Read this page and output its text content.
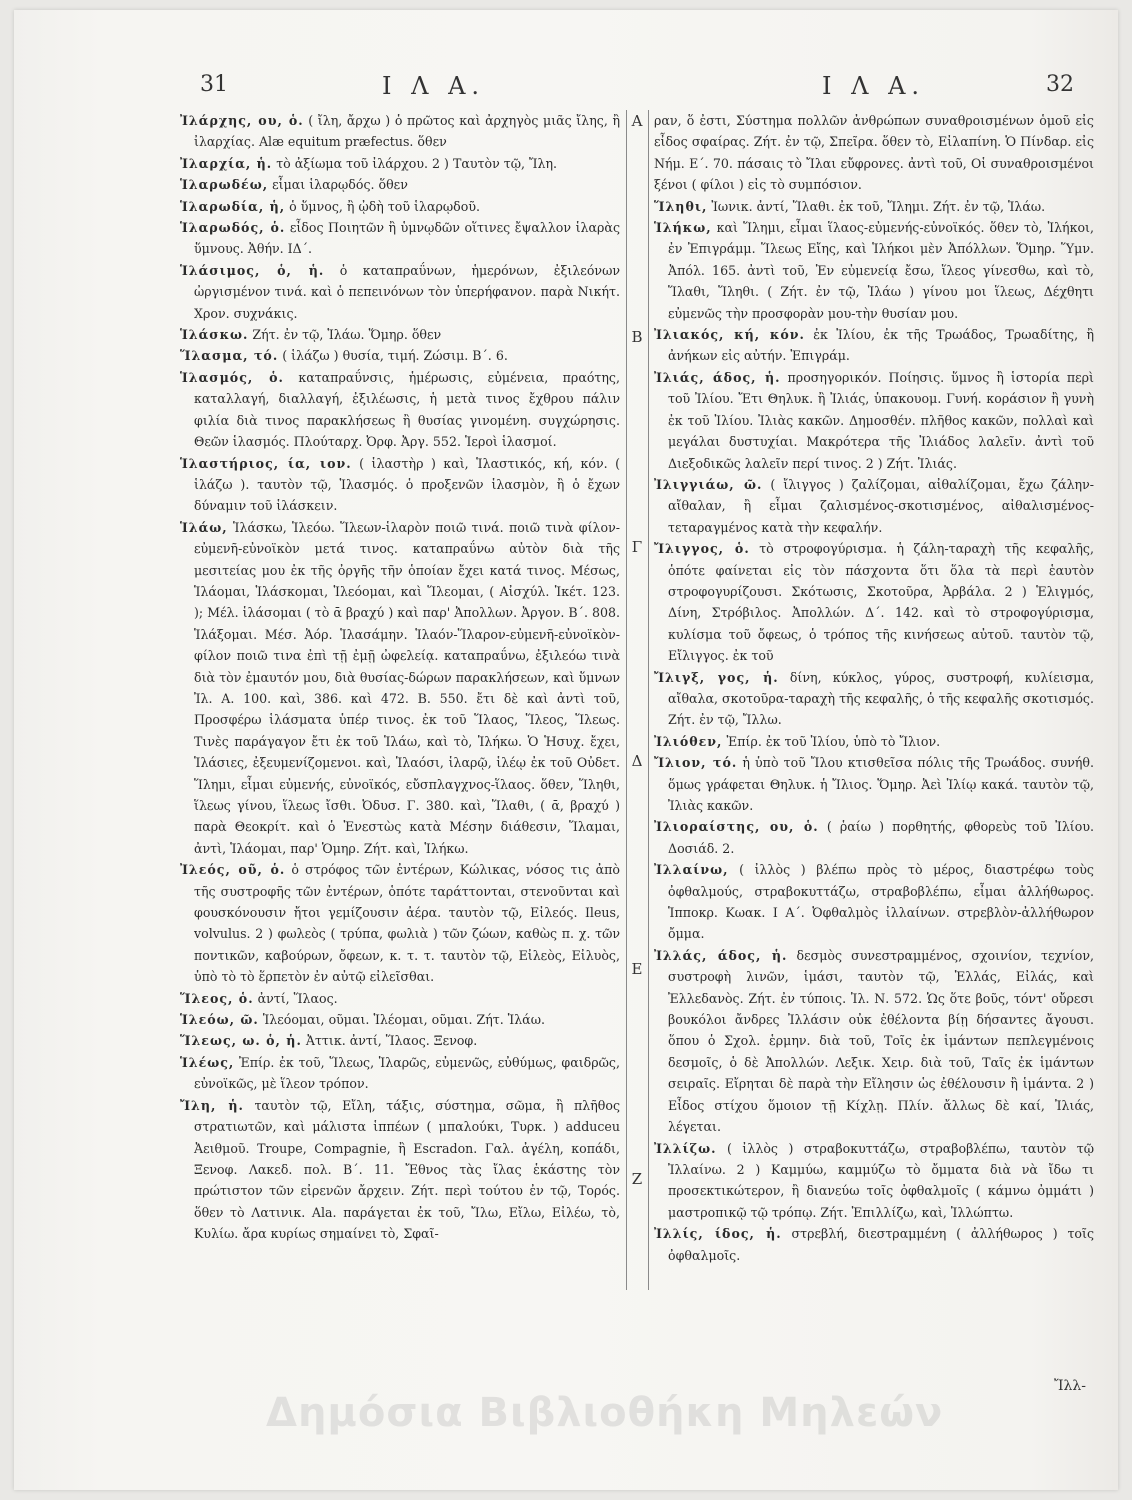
31	Ι Λ Α.	Ι Λ Α.	32
Α
Β
Γ
Δ
Ε
Ζ

Ἰλάρχης, ου, ὁ. ( ἴλη, ἄρχω ) ὁ πρῶτος καὶ ἀρχηγὸς μιᾶς ἴλης, ἢ ἰλαρχίας. Alæ equitum præfectus. ὅθεν

Ἰλαρχία, ἡ. τὸ ἀξίωμα τοῦ ἰλάρχου. 2 ) Ταυτὸν τῷ, Ἴλη.

Ἱλαρωδέω, εἶμαι ἱλαρῳδός. ὅθεν

Ἱλαρωδία, ἡ, ὁ ὕμνος, ἢ ᾠδὴ τοῦ ἱλαρῳδοῦ.

Ἱλαρωδός, ὁ. εἶδος Ποιητῶν ἢ ὑμνῳδῶν οἵτινες ἔψαλλον ἱλαρὰς ὕμνους. Ἀθήν. ΙΔ΄.

Ἱλάσιμος, ὁ, ἡ. ὁ καταπραΰνων, ἡμερόνων, ἐξιλεόνων ὠργισμένον τινά. καὶ ὁ πεπεινόνων τὸν ὑπερήφανον. παρὰ Νικήτ. Χρον. συχνάκις.

Ἱλάσκω. Ζήτ. ἐν τῷ, Ἱλάω. Ὅμηρ. ὅθεν

Ἵλασμα, τό. ( ἱλάζω ) θυσία, τιμή. Ζώσιμ. Β΄. 6.

Ἱλασμός, ὁ. καταπραΰνσις, ἡμέρωσις, εὐμένεια, πραότης, καταλλαγή, διαλλαγή, ἐξιλέωσις, ἡ μετὰ τινος ἔχθρου πάλιν φιλία διὰ τινος παρακλήσεως ἢ θυσίας γινομένη. συγχώρησις. Θεῶν ἱλασμός. Πλούταρχ. Ὀρφ. Ἀργ. 552. Ἱεροὶ ἱλασμοί.

Ἱλαστήριος, ία, ιον. ( ἱλαστὴρ ) καὶ, Ἱλαστικός, κή, κόν. ( ἱλάζω ). ταυτὸν τῷ, Ἱλασμός. ὁ προξενῶν ἱλασμὸν, ἢ ὁ ἔχων δύναμιν τοῦ ἱλάσκειν.

Ἱλάω, Ἱλάσκω, Ἱλεόω. Ἵλεων-ἱλαρὸν ποιῶ τινά. ποιῶ τινὰ φίλον-εὐμενῆ-εὐνοϊκὸν μετά τινος. καταπραΰνω αὐτὸν διὰ τῆς μεσιτείας μου ἐκ τῆς ὀργῆς τῆν ὁποίαν ἔχει κατά τινος. Μέσως, Ἱλάομαι, Ἱλάσκομαι, Ἱλεόομαι, καὶ Ἵλεομαι, ( Αἰσχύλ. Ἱκέτ. 123. ); Μέλ. ἱλάσομαι ( τὸ ᾱ βραχύ ) καὶ παρ' Ἀπολλων. Ἀργον. Β΄. 808. Ἱλάξομαι. Μέσ. Ἀόρ. Ἱλασάμην. Ἱλαόν-Ἵλαρον-εὐμενῆ-εὐνοϊκὸν-φίλον ποιῶ τινα ἐπὶ τῇ ἐμῇ ὠφελείᾳ. καταπραΰνω, ἐξιλεόω τινὰ διὰ τὸν ἐμαυτόν μου, διὰ θυσίας-δώρων παρακλήσεων, καὶ ὕμνων Ἰλ. Α. 100. καὶ, 386. καὶ 472. Β. 550. ἔτι δὲ καὶ ἀντὶ τοῦ, Προσφέρω ἱλάσματα ὑπέρ τινος. ἐκ τοῦ Ἵλαος, Ἵλεος, Ἵλεως. Τινὲς παράγαγον ἔτι ἐκ τοῦ Ἱλάω, καὶ τὸ, Ἱλήκω. Ὁ Ἡσυχ. ἔχει, Ἱλάσιες, ἐξευμενίζομενοι. καὶ, Ἱλαόσι, ἱλαρῷ, ἱλέῳ ἐκ τοῦ Οὐδετ. Ἵλημι, εἶμαι εὐμενής, εὐνοϊκός, εὔσπλαγχνος-ἵλαος. ὅθεν, Ἵληθι, ἵλεως γίνου, ἵλεως ἴσθι. Ὀδυσ. Γ. 380. καὶ, Ἵλαθι, ( ᾱ, βραχύ ) παρὰ Θεοκρίτ. καὶ ὁ Ἐνεστὼς κατὰ Μέσην διάθεσιν, Ἵλαμαι, ἀντὶ, Ἱλάομαι, παρ' Ὁμηρ. Ζήτ. καὶ, Ἱλήκω.

Ἰλεός, οῦ, ὁ. ὁ στρόφος τῶν ἐντέρων, Κώλικας, νόσος τις ἀπὸ τῆς συστροφῆς τῶν ἐντέρων, ὁπότε ταράττονται, στενοῦνται καὶ φουσκόνουσιν ἤτοι γεμίζουσιν ἀέρα. ταυτὸν τῷ, Εἰλεός. Ileus, volvulus. 2 ) φωλεὸς ( τρύπα, φωλιὰ ) τῶν ζώων, καθὼς π. χ. τῶν ποντικῶν, καβούρων, ὄφεων, κ. τ. τ. ταυτὸν τῷ, Εἰλεὸς, Εἰλυὸς, ὑπὸ τὸ τὸ ἕρπετὸν ἐν αὐτῷ εἰλεῖσθαι.

Ἵλεος, ὁ. ἀντί, Ἵλαος.

Ἱλεόω, ῶ. Ἱλεόομαι, οῦμαι. Ἱλέομαι, οῦμαι. Ζήτ. Ἱλάω.

Ἵλεως, ω. ὁ, ἡ. Ἀττικ. ἀντί, Ἵλαος. Ξενοφ.

Ἱλέως, Ἐπίρ. ἐκ τοῦ, Ἵλεως, Ἱλαρῶς, εὐμενῶς, εὐθύμως, φαιδρῶς, εὐνοϊκῶς, μὲ ἵλεον τρόπον.

Ἴλη, ἡ. ταυτὸν τῷ, Εἴλη, τάξις, σύστημα, σῶμα, ἢ πλῆθος στρατιωτῶν, καὶ μάλιστα ἱππέων ( μπαλούκι, Τυρκ. ) adduceu Ἀειθμοῦ. Troupe, Compagnie, ἢ Escradon. Γαλ. ἀγέλη, κοπάδι, Ξενοφ. Λακεδ. πολ. Β΄. 11. Ἔθνος τὰς ἴλας ἑκάστης τὸν πρώτιστον τῶν εἰρενῶν ἄρχειν. Ζήτ. περὶ τούτου ἐν τῷ, Τορός. ὅθεν τὸ Λατινικ. Ala. παράγεται ἐκ τοῦ, Ἴλω, Εἴλω, Εἰλέω, τὸ, Κυλίω. ἄρα κυρίως σημαίνει τὸ, Σφαῖ-

ραν, ὅ ἐστι, Σύστημα πολλῶν ἀνθρώπων συναθροισμένων ὁμοῦ εἰς εἶδος σφαίρας. Ζήτ. ἐν τῷ, Σπεῖρα. ὅθεν τὸ, Εἰλαπίνη. Ὁ Πίνδαρ. εἰς Νήμ. Ε΄. 70. πάσαις τὸ Ἴλαι εὔφρονες. ἀντὶ τοῦ, Οἱ συναθροισμένοι ξένοι ( φίλοι ) εἰς τὸ συμπόσιον.

Ἵληθι, Ἰωνικ. ἀντί, Ἵλαθι. ἐκ τοῦ, Ἵλημι. Ζήτ. ἐν τῷ, Ἱλάω.

Ἱλήκω, καὶ Ἵλημι, εἶμαι ἵλαος-εὐμενής-εὐνοϊκός. ὅθεν τὸ, Ἱλήκοι, ἐν Ἐπιγράμμ. Ἵλεως Εἴης, καὶ Ἱλήκοι μὲν Ἀπόλλων. Ὅμηρ. Ὕμν. Ἀπόλ. 165. ἀντὶ τοῦ, Ἐν εὐμενείᾳ ἔσω, ἵλεος γίνεσθω, καὶ τὸ, Ἵλαθι, Ἵληθι. ( Ζήτ. ἐν τῷ, Ἱλάω ) γίνου μοι ἵλεως, Δέχθητι εὐμενῶς τὴν προσφορὰν μου-τὴν θυσίαν μου.

Ἰλιακός, κή, κόν. ἐκ Ἰλίου, ἐκ τῆς Τρωάδος, Τρωαδίτης, ἢ ἀνήκων εἰς αὐτήν. Ἐπιγράμ.

Ἰλιάς, άδος, ἡ. προσηγορικόν. Ποίησις. ὕμνος ἢ ἱστορία περὶ τοῦ Ἰλίου. Ἔτι Θηλυκ. ἢ Ἰλιάς, ὑπακουομ. Γυνή. κοράσιον ἢ γυνὴ ἐκ τοῦ Ἰλίου. Ἰλιὰς κακῶν. Δημοσθέν. πλῆθος κακῶν, πολλαὶ καὶ μεγάλαι δυστυχίαι. Μακρότερα τῆς Ἰλιάδος λαλεῖν. ἀντὶ τοῦ Διεξοδικῶς λαλεῖν περί τινος. 2 ) Ζήτ. Ἰλιάς.

Ἰλιγγιάω, ῶ. ( ἴλιγγος ) ζαλίζομαι, αἰθαλίζομαι, ἔχω ζάλην-αἴθαλαν, ἢ εἶμαι ζαλισμένος-σκοτισμένος, αἰθαλισμένος-τεταραγμένος κατὰ τὴν κεφαλήν.

Ἴλιγγος, ὁ. τὸ στροφογύρισμα. ἡ ζάλη-ταραχὴ τῆς κεφαλῆς, ὁπότε φαίνεται εἰς τὸν πάσχοντα ὅτι ὅλα τὰ περὶ ἑαυτὸν στροφογυρίζουσι. Σκότωσις, Σκοτοῦρα, Ἀρβάλα. 2 ) Ἑλιγμός, Δίνη, Στρόβιλος. Ἀπολλών. Δ΄. 142. καὶ τὸ στροφογύρισμα, κυλίσμα τοῦ ὄφεως, ὁ τρόπος τῆς κινήσεως αὐτοῦ. ταυτὸν τῷ, Εἴλιγγος. ἐκ τοῦ

Ἴλιγξ, γος, ἡ. δίνη, κύκλος, γύρος, συστροφή, κυλίεισμα, αἴθαλα, σκοτοῦρα-ταραχὴ τῆς κεφαλῆς, ὁ τῆς κεφαλῆς σκοτισμός. Ζήτ. ἐν τῷ, Ἴλλω.

Ἰλιόθεν, Ἐπίρ. ἐκ τοῦ Ἰλίου, ὑπὸ τὸ Ἴλιον.

Ἴλιον, τό. ἡ ὑπὸ τοῦ Ἴλου κτισθεῖσα πόλις τῆς Τρωάδος. συνήθ. ὅμως γράφεται Θηλυκ. ἡ Ἴλιος. Ὅμηρ. Ἀεὶ Ἰλίῳ κακά. ταυτὸν τῷ, Ἰλιὰς κακῶν.

Ἰλιοραίστης, ου, ὁ. ( ῥαίω ) πορθητής, φθορεὺς τοῦ Ἰλίου. Δοσιάδ. 2.

Ἰλλαίνω, ( ἰλλὸς ) βλέπω πρὸς τὸ μέρος, διαστρέφω τοὺς ὀφθαλμούς, στραβοκυττάζω, στραβοβλέπω, εἶμαι ἀλλήθωρος. Ἱπποκρ. Κωακ. Ι Α΄. Ὀφθαλμὸς ἰλλαίνων. στρεβλὸν-ἀλλήθωρον ὄμμα.

Ἰλλάς, άδος, ἡ. δεσμὸς συνεστραμμένος, σχοινίον, τεχνίον, συστροφὴ λινῶν, ἱμάσι, ταυτὸν τῷ, Ἑλλάς, Εἰλάς, καὶ Ἐλλεδανὸς. Ζήτ. ἐν τύποις. Ἰλ. Ν. 572. Ὡς ὅτε βοῦς, τόντ' οὔρεσι βουκόλοι ἄνδρες Ἰλλάσιν οὐκ ἐθέλοντα βίῃ δήσαντες ἄγουσι. ὅπου ὁ Σχολ. ἑρμην. διὰ τοῦ, Τοῖς ἐκ ἱμάντων πεπλεγμένοις δεσμοῖς, ὁ δὲ Ἀπολλών. Λεξικ. Χειρ. διὰ τοῦ, Ταῖς ἐκ ἱμάντων σειραῖς. Εἴρηται δὲ παρὰ τὴν Εἴλησιν ὡς ἐθέλουσιν ἢ ἱμάντα. 2 ) Εἶδος στίχου ὅμοιον τῇ Κίχλῃ. Πλίν. ἄλλως δὲ καί, Ἰλιάς, λέγεται.

Ἰλλίζω. ( ἰλλὸς ) στραβοκυττάζω, στραβοβλέπω, ταυτὸν τῷ Ἰλλαίνω. 2 ) Καμμύω, καμμύζω τὸ ὄμματα διὰ νὰ ἴδω τι προσεκτικώτερον, ἢ διανεύω τοῖς ὀφθαλμοῖς ( κάμνω ὀμμάτι ) μαστροπικῷ τῷ τρόπῳ. Ζήτ. Ἐπιλλίζω, καὶ, Ἰλλώπτω.

Ἰλλίς, ίδος, ἡ. στρεβλή, διεστραμμένη ( ἀλλήθωρος ) τοῖς ὀφθαλμοῖς.

Ἴλλ-
Δημόσια Βιβλιοθήκη Μηλεών
